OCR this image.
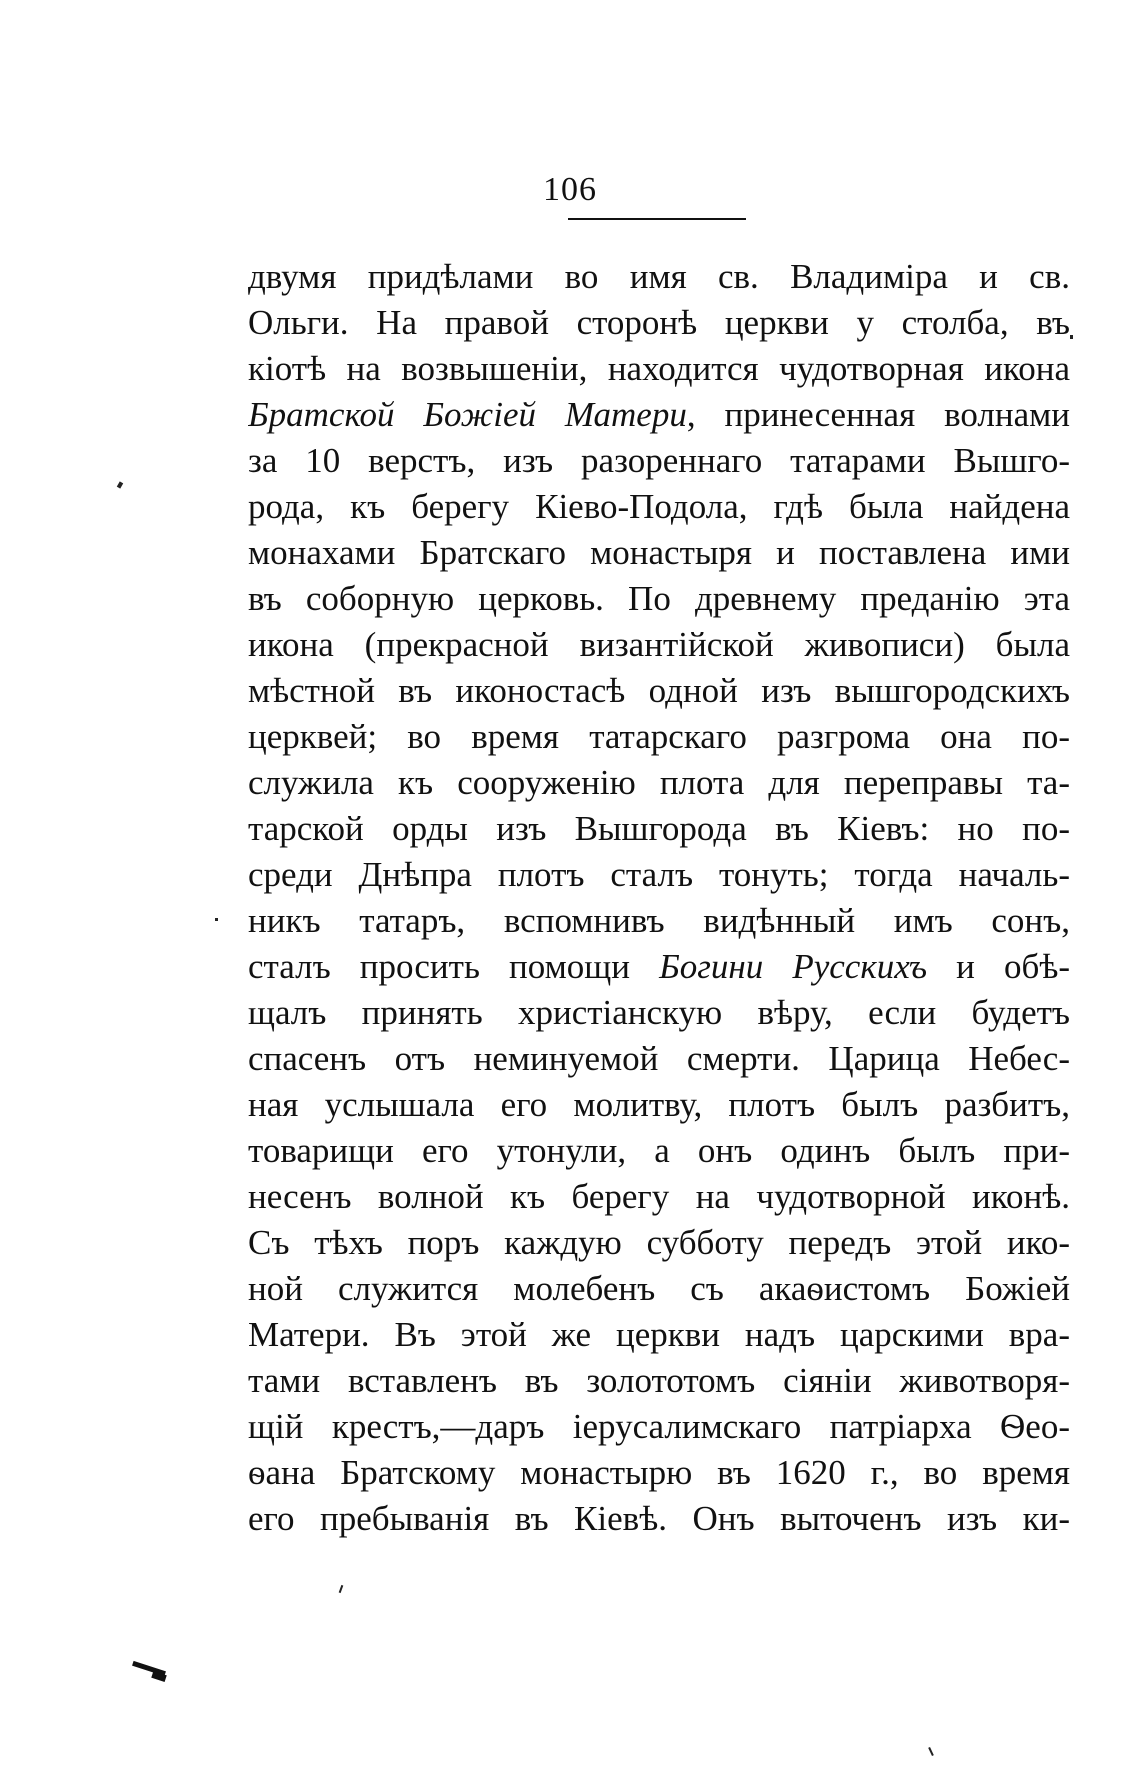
106
двумя придѣлами во имя св. Владиміра и св.
Ольги. На правой сторонѣ церкви у столба, въ
кіотѣ на возвышеніи, находится чудотворная икона
Братской Божіей Матери, принесенная волнами
за 10 верстъ, изъ разореннаго татарами Вышго-
рода, къ берегу Кіево-Подола, гдѣ была найдена
монахами Братскаго монастыря и поставлена ими
въ соборную церковь. По древнему преданію эта
икона (прекрасной византійской живописи) была
мѣстной въ иконостасѣ одной изъ вышгородскихъ
церквей; во время татарскаго разгрома она по-
служила къ сооруженію плота для переправы та-
тарской орды изъ Вышгорода въ Кіевъ: но по-
среди Днѣпра плотъ сталъ тонуть; тогда началь-
никъ татаръ, вспомнивъ видѣнный имъ сонъ,
сталъ просить помощи Богини Русскихъ и обѣ-
щалъ принять христіанскую вѣру, если будетъ
спасенъ отъ неминуемой смерти. Царица Небес-
ная услышала его молитву, плотъ былъ разбитъ,
товарищи его утонули, а онъ одинъ былъ при-
несенъ волной къ берегу на чудотворной иконѣ.
Съ тѣхъ поръ каждую субботу передъ этой ико-
ной служится молебенъ съ акаѳистомъ Божіей
Матери. Въ этой же церкви надъ царскими вра-
тами вставленъ въ золототомъ сіяніи животворя-
щій крестъ,—даръ іерусалимскаго патріарха Ѳео-
ѳана Братскому монастырю въ 1620 г., во время
его пребыванія въ Кіевѣ. Онъ выточенъ изъ ки-
